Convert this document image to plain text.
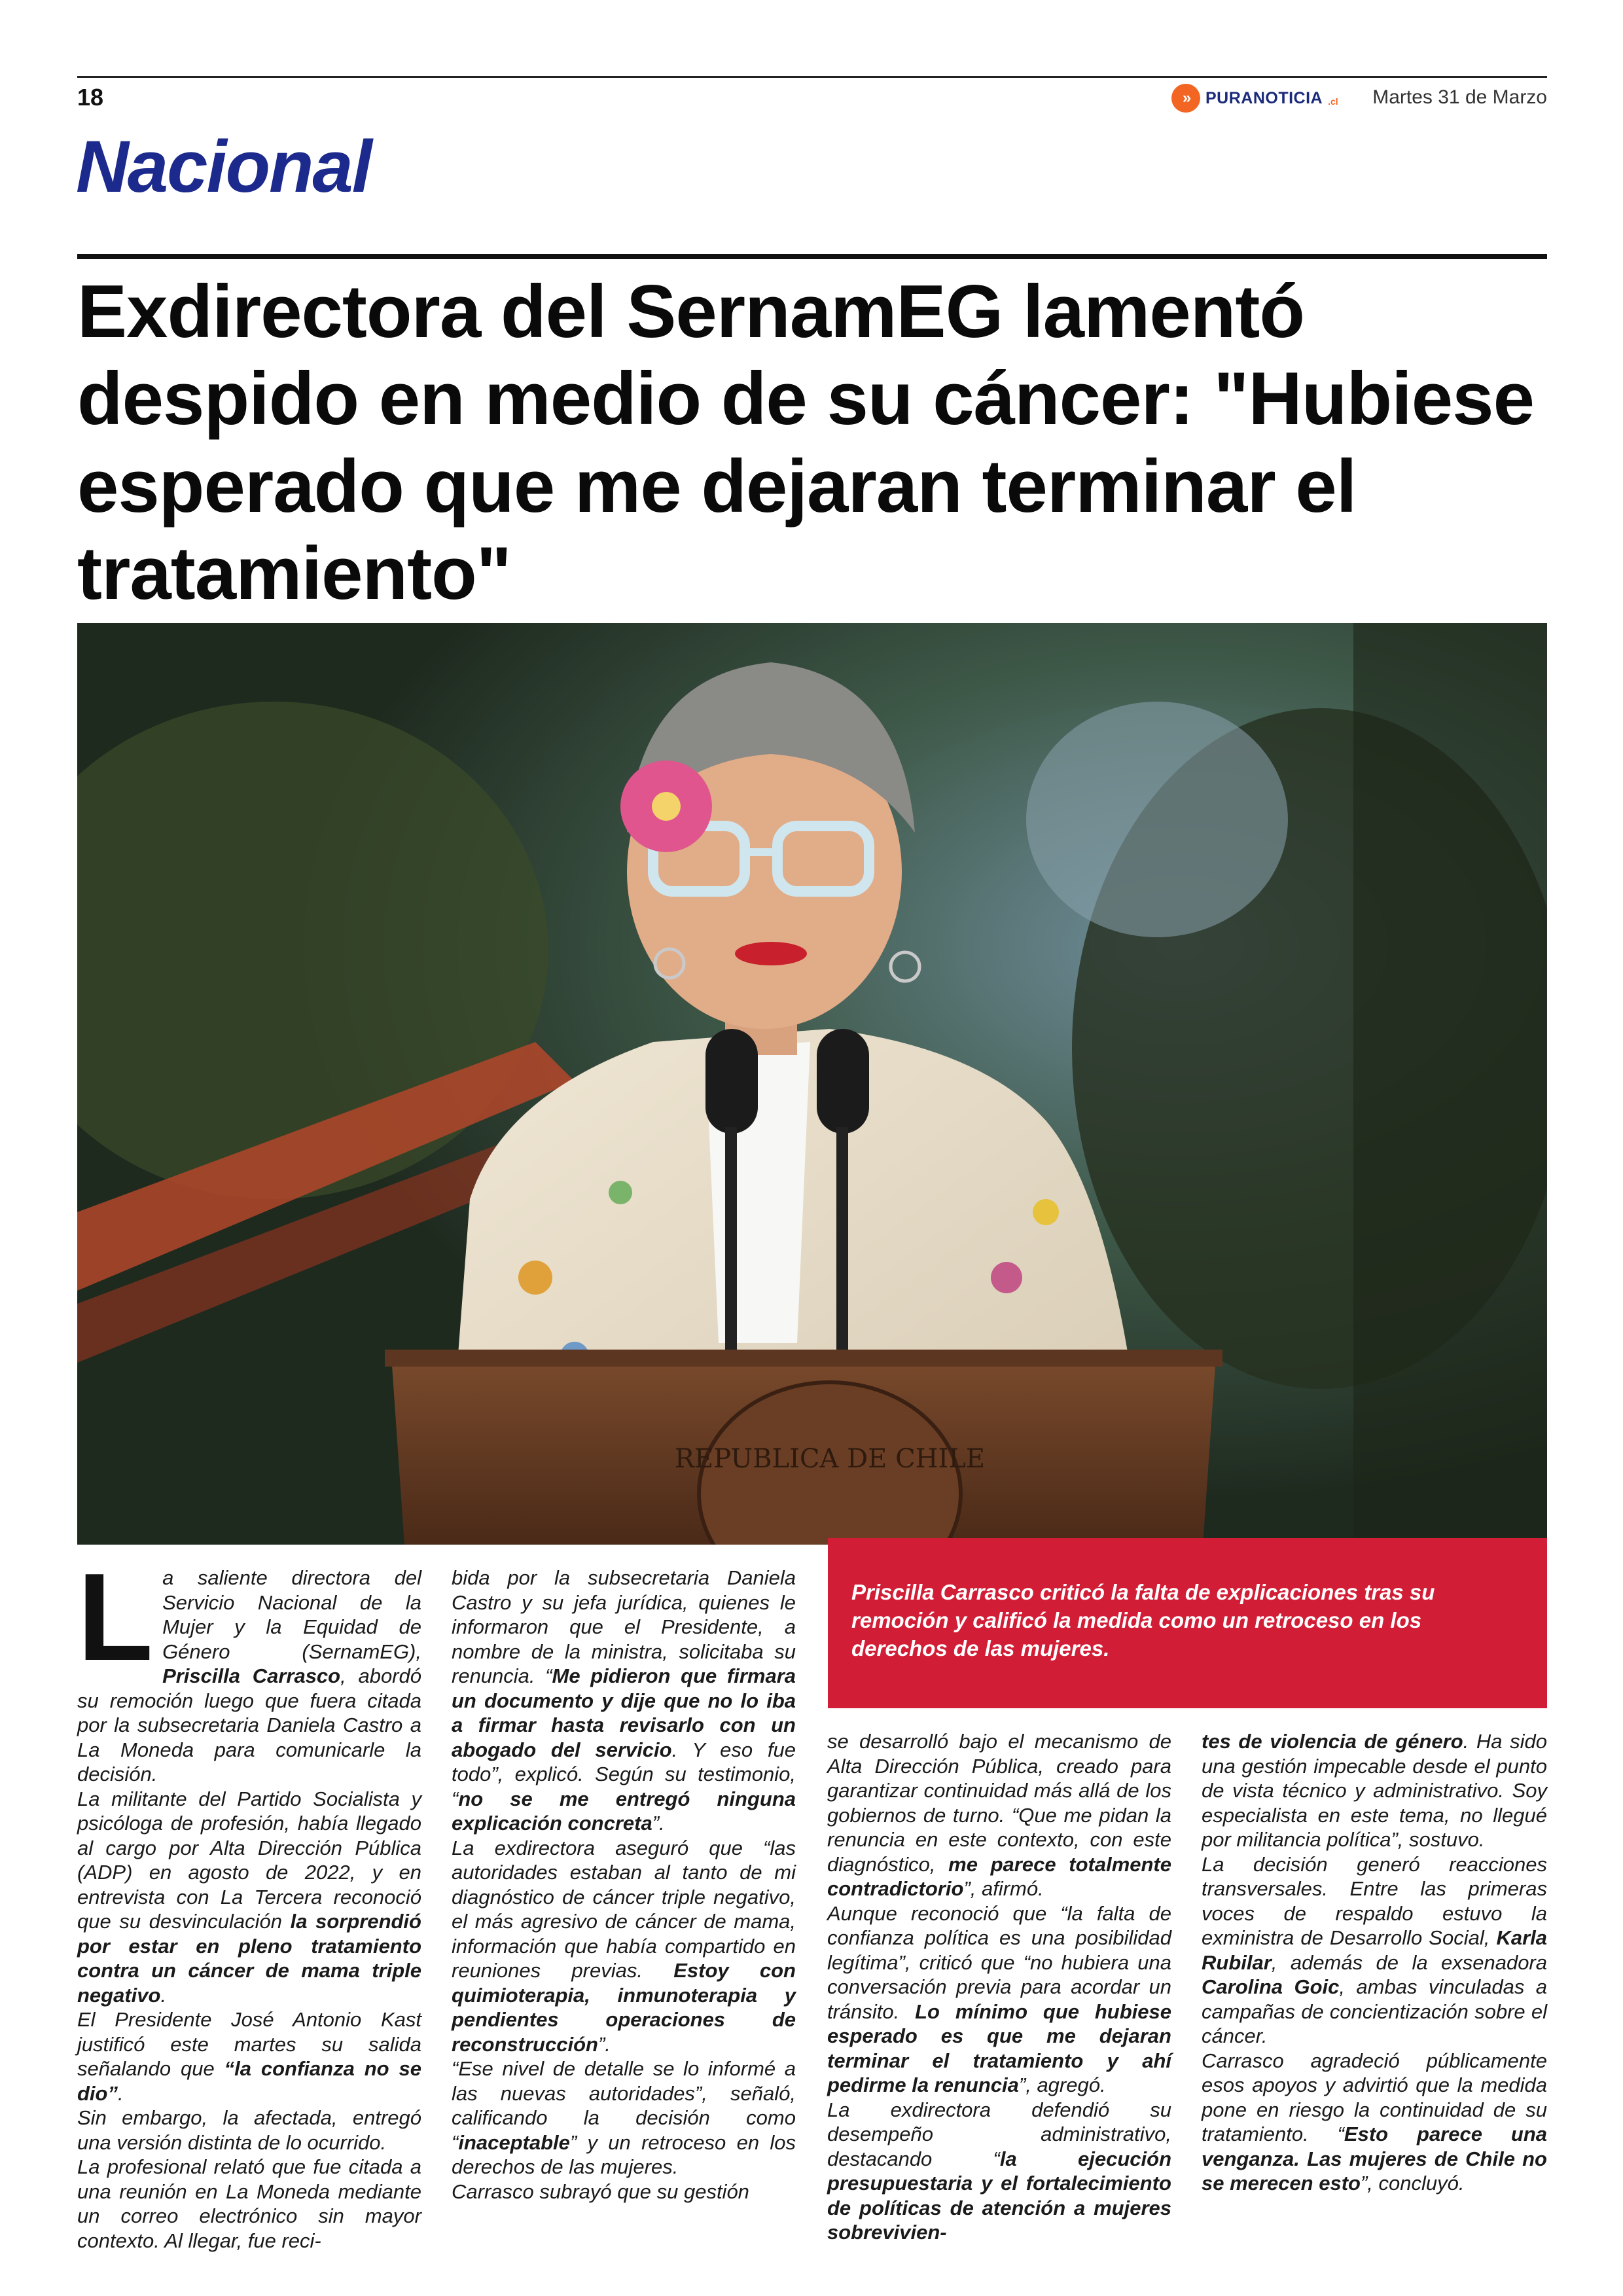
18	» PURANOTICIA .cl Martes 31 de Marzo
Nacional
Exdirectora del SernamEG lamentó despido en medio de su cáncer: "Hubiese esperado que me dejaran terminar el tratamiento"
REPUBLICA DE CHILE
Priscilla Carrasco criticó la falta de explicaciones tras su remoción y calificó la medida como un retroceso en los derechos de las mujeres.

La saliente directora del Servicio Nacional de la Mujer y la Equidad de Género (SernamEG), Priscilla Carrasco, abordó su remoción luego que fuera citada por la subsecretaria Daniela Castro a La Moneda para comunicarle la decisión.

La militante del Partido Socialista y psicóloga de profesión, había llegado al cargo por Alta Dirección Pública (ADP) en agosto de 2022, y en entrevista con La Tercera reconoció que su desvinculación la sorprendió por estar en pleno tratamiento contra un cáncer de mama triple negativo.

El Presidente José Antonio Kast justificó este martes su salida señalando que “la confianza no se dio”.

Sin embargo, la afectada, entregó una versión distinta de lo ocurrido.

La profesional relató que fue citada a una reunión en La Moneda mediante un correo electrónico sin mayor contexto. Al llegar, fue reci-

bida por la subsecretaria Daniela Castro y su jefa jurídica, quienes le informaron que el Presidente, a nombre de la ministra, solicitaba su renuncia. “Me pidieron que firmara un documento y dije que no lo iba a firmar hasta revisarlo con un abogado del servicio. Y eso fue todo”, explicó. Según su testimonio, “no se me entregó ninguna explicación concreta”.

La exdirectora aseguró que “las autoridades estaban al tanto de mi diagnóstico de cáncer triple negativo, el más agresivo de cáncer de mama, información que había compartido en reuniones previas. Estoy con quimioterapia, inmunoterapia y pendientes operaciones de reconstrucción”.

“Ese nivel de detalle se lo informé a las nuevas autoridades”, señaló, calificando la decisión como “inaceptable” y un retroceso en los derechos de las mujeres.

Carrasco subrayó que su gestión

se desarrolló bajo el mecanismo de Alta Dirección Pública, creado para garantizar continuidad más allá de los gobiernos de turno. “Que me pidan la renuncia en este contexto, con este diagnóstico, me parece totalmente contradictorio”, afirmó.

Aunque reconoció que “la falta de confianza política es una posibilidad legítima”, criticó que “no hubiera una conversación previa para acordar un tránsito. Lo mínimo que hubiese esperado es que me dejaran terminar el tratamiento y ahí pedirme la renuncia”, agregó.

La exdirectora defendió su desempeño administrativo, destacando “la ejecución presupuestaria y el fortalecimiento de políticas de atención a mujeres sobrevivien-

tes de violencia de género. Ha sido una gestión impecable desde el punto de vista técnico y administrativo. Soy especialista en este tema, no llegué por militancia política”, sostuvo.

La decisión generó reacciones transversales. Entre las primeras voces de respaldo estuvo la exministra de Desarrollo Social, Karla Rubilar, además de la exsenadora Carolina Goic, ambas vinculadas a campañas de concientización sobre el cáncer.

Carrasco agradeció públicamente esos apoyos y advirtió que la medida pone en riesgo la continuidad de su tratamiento. “Esto parece una venganza. Las mujeres de Chile no se merecen esto”, concluyó.
